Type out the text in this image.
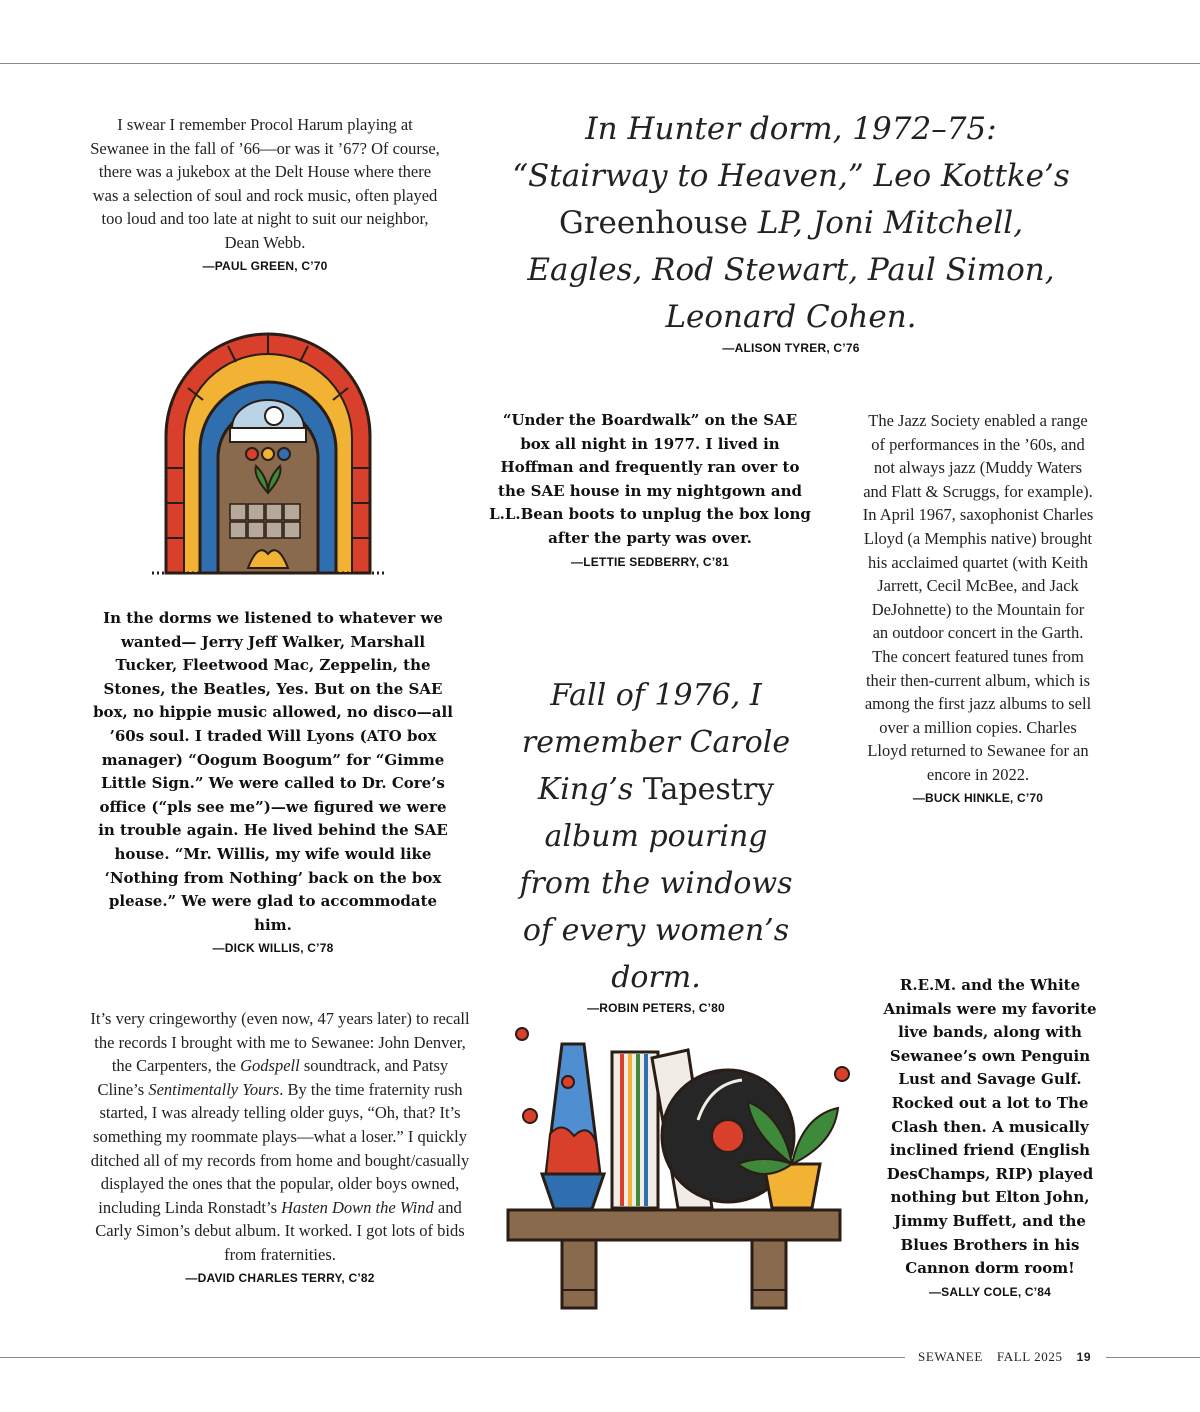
I swear I remember Procol Harum playing at Sewanee in the fall of ’66—or was it ’67? Of course, there was a jukebox at the Delt House where there was a selection of soul and rock music, often played too loud and too late at night to suit our neighbor, Dean Webb.

—PAUL GREEN, C’70

In Hunter dorm, 1972–75: “Stairway to Heaven,” Leo Kottke’s Greenhouse LP, Joni Mitchell, Eagles, Rod Stewart, Paul Simon, Leonard Cohen.

—ALISON TYRER, C’76

“Under the Boardwalk” on the SAE box all night in 1977. I lived in Hoffman and frequently ran over to the SAE house in my nightgown and L.L.Bean boots to unplug the box long after the party was over.

—LETTIE SEDBERRY, C’81

The Jazz Society enabled a range of performances in the ’60s, and not always jazz (Muddy Waters and Flatt & Scruggs, for example). In April 1967, saxophonist Charles Lloyd (a Memphis native) brought his acclaimed quartet (with Keith Jarrett, Cecil McBee, and Jack DeJohnette) to the Mountain for an outdoor concert in the Garth. The concert featured tunes from their then-current album, which is among the first jazz albums to sell over a million copies. Charles Lloyd returned to Sewanee for an encore in 2022.

—BUCK HINKLE, C’70

In the dorms we listened to whatever we wanted— Jerry Jeff Walker, Marshall Tucker, Fleetwood Mac, Zeppelin, the Stones, the Beatles, Yes. But on the SAE box, no hippie music allowed, no disco—all ’60s soul. I traded Will Lyons (ATO box manager) “Oogum Boogum” for “Gimme Little Sign.” We were called to Dr. Core’s office (“pls see me”)—we figured we were in trouble again. He lived behind the SAE house. “Mr. Willis, my wife would like ‘Nothing from Nothing’ back on the box please.” We were glad to accommodate him.

—DICK WILLIS, C’78

Fall of 1976, I remember Carole King’s Tapestry album pouring from the windows of every women’s dorm.

—ROBIN PETERS, C’80

R.E.M. and the White Animals were my favorite live bands, along with Sewanee’s own Penguin Lust and Savage Gulf. Rocked out a lot to The Clash then. A musically inclined friend (English DesChamps, RIP) played nothing but Elton John, Jimmy Buffett, and the Blues Brothers in his Cannon dorm room!

—SALLY COLE, C’84

It’s very cringeworthy (even now, 47 years later) to recall the records I brought with me to Sewanee: John Denver, the Carpenters, the Godspell soundtrack, and Patsy Cline’s Sentimentally Yours. By the time fraternity rush started, I was already telling older guys, “Oh, that? It’s something my roommate plays—what a loser.” I quickly ditched all of my records from home and bought/casually displayed the ones that the popular, older boys owned, including Linda Ronstadt’s Hasten Down the Wind and Carly Simon’s debut album. It worked. I got lots of bids from fraternities.

—DAVID CHARLES TERRY, C’82
SEWANEE FALL 2025 19
